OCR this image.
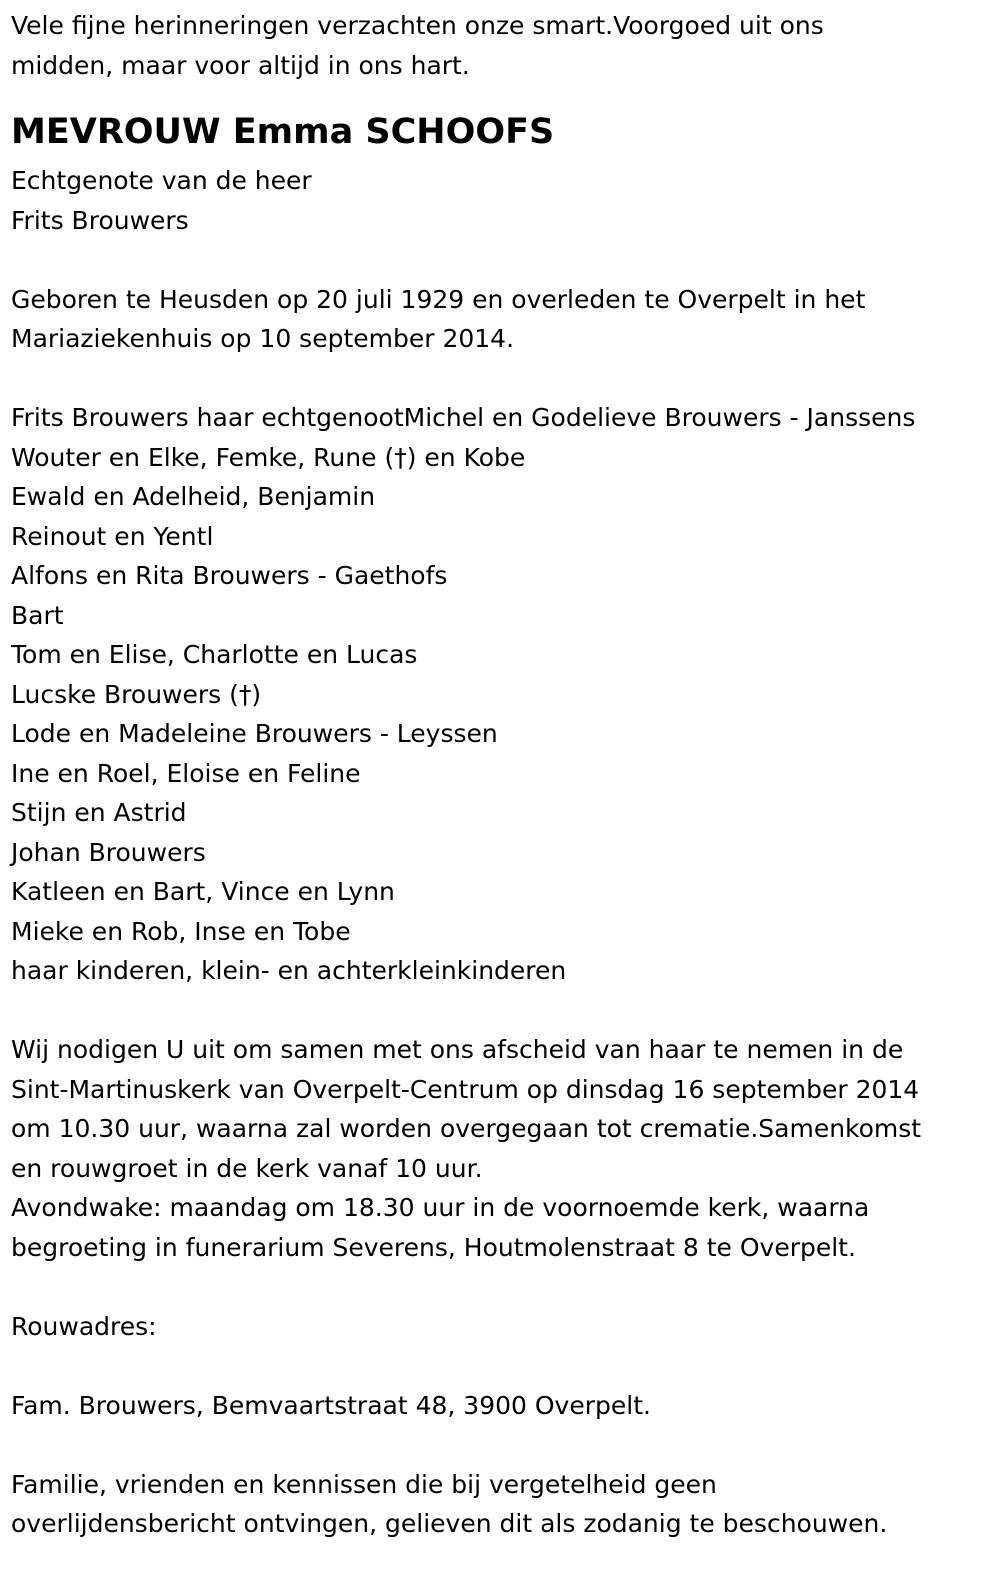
Vele fijne herinneringen verzachten onze smart.Voorgoed uit ons

midden, maar voor altijd in ons hart.

MEVROUW Emma SCHOOFS

Echtgenote van de heer

Frits Brouwers

Geboren te Heusden op 20 juli 1929 en overleden te Overpelt in het

Mariaziekenhuis op 10 september 2014.

Frits Brouwers haar echtgenootMichel en Godelieve Brouwers - Janssens

Wouter en Elke, Femke, Rune (†) en Kobe

Ewald en Adelheid, Benjamin

Reinout en Yentl

Alfons en Rita Brouwers - Gaethofs

Bart

Tom en Elise, Charlotte en Lucas

Lucske Brouwers (†)

Lode en Madeleine Brouwers - Leyssen

Ine en Roel, Eloise en Feline

Stijn en Astrid

Johan Brouwers

Katleen en Bart, Vince en Lynn

Mieke en Rob, Inse en Tobe

haar kinderen, klein- en achterkleinkinderen

Wij nodigen U uit om samen met ons afscheid van haar te nemen in de

Sint-Martinuskerk van Overpelt-Centrum op dinsdag 16 september 2014

om 10.30 uur, waarna zal worden overgegaan tot crematie.Samenkomst

en rouwgroet in de kerk vanaf 10 uur.

Avondwake: maandag om 18.30 uur in de voornoemde kerk, waarna

begroeting in funerarium Severens, Houtmolenstraat 8 te Overpelt.

Rouwadres:

Fam. Brouwers, Bemvaartstraat 48, 3900 Overpelt.

Familie, vrienden en kennissen die bij vergetelheid geen

overlijdensbericht ontvingen, gelieven dit als zodanig te beschouwen.
